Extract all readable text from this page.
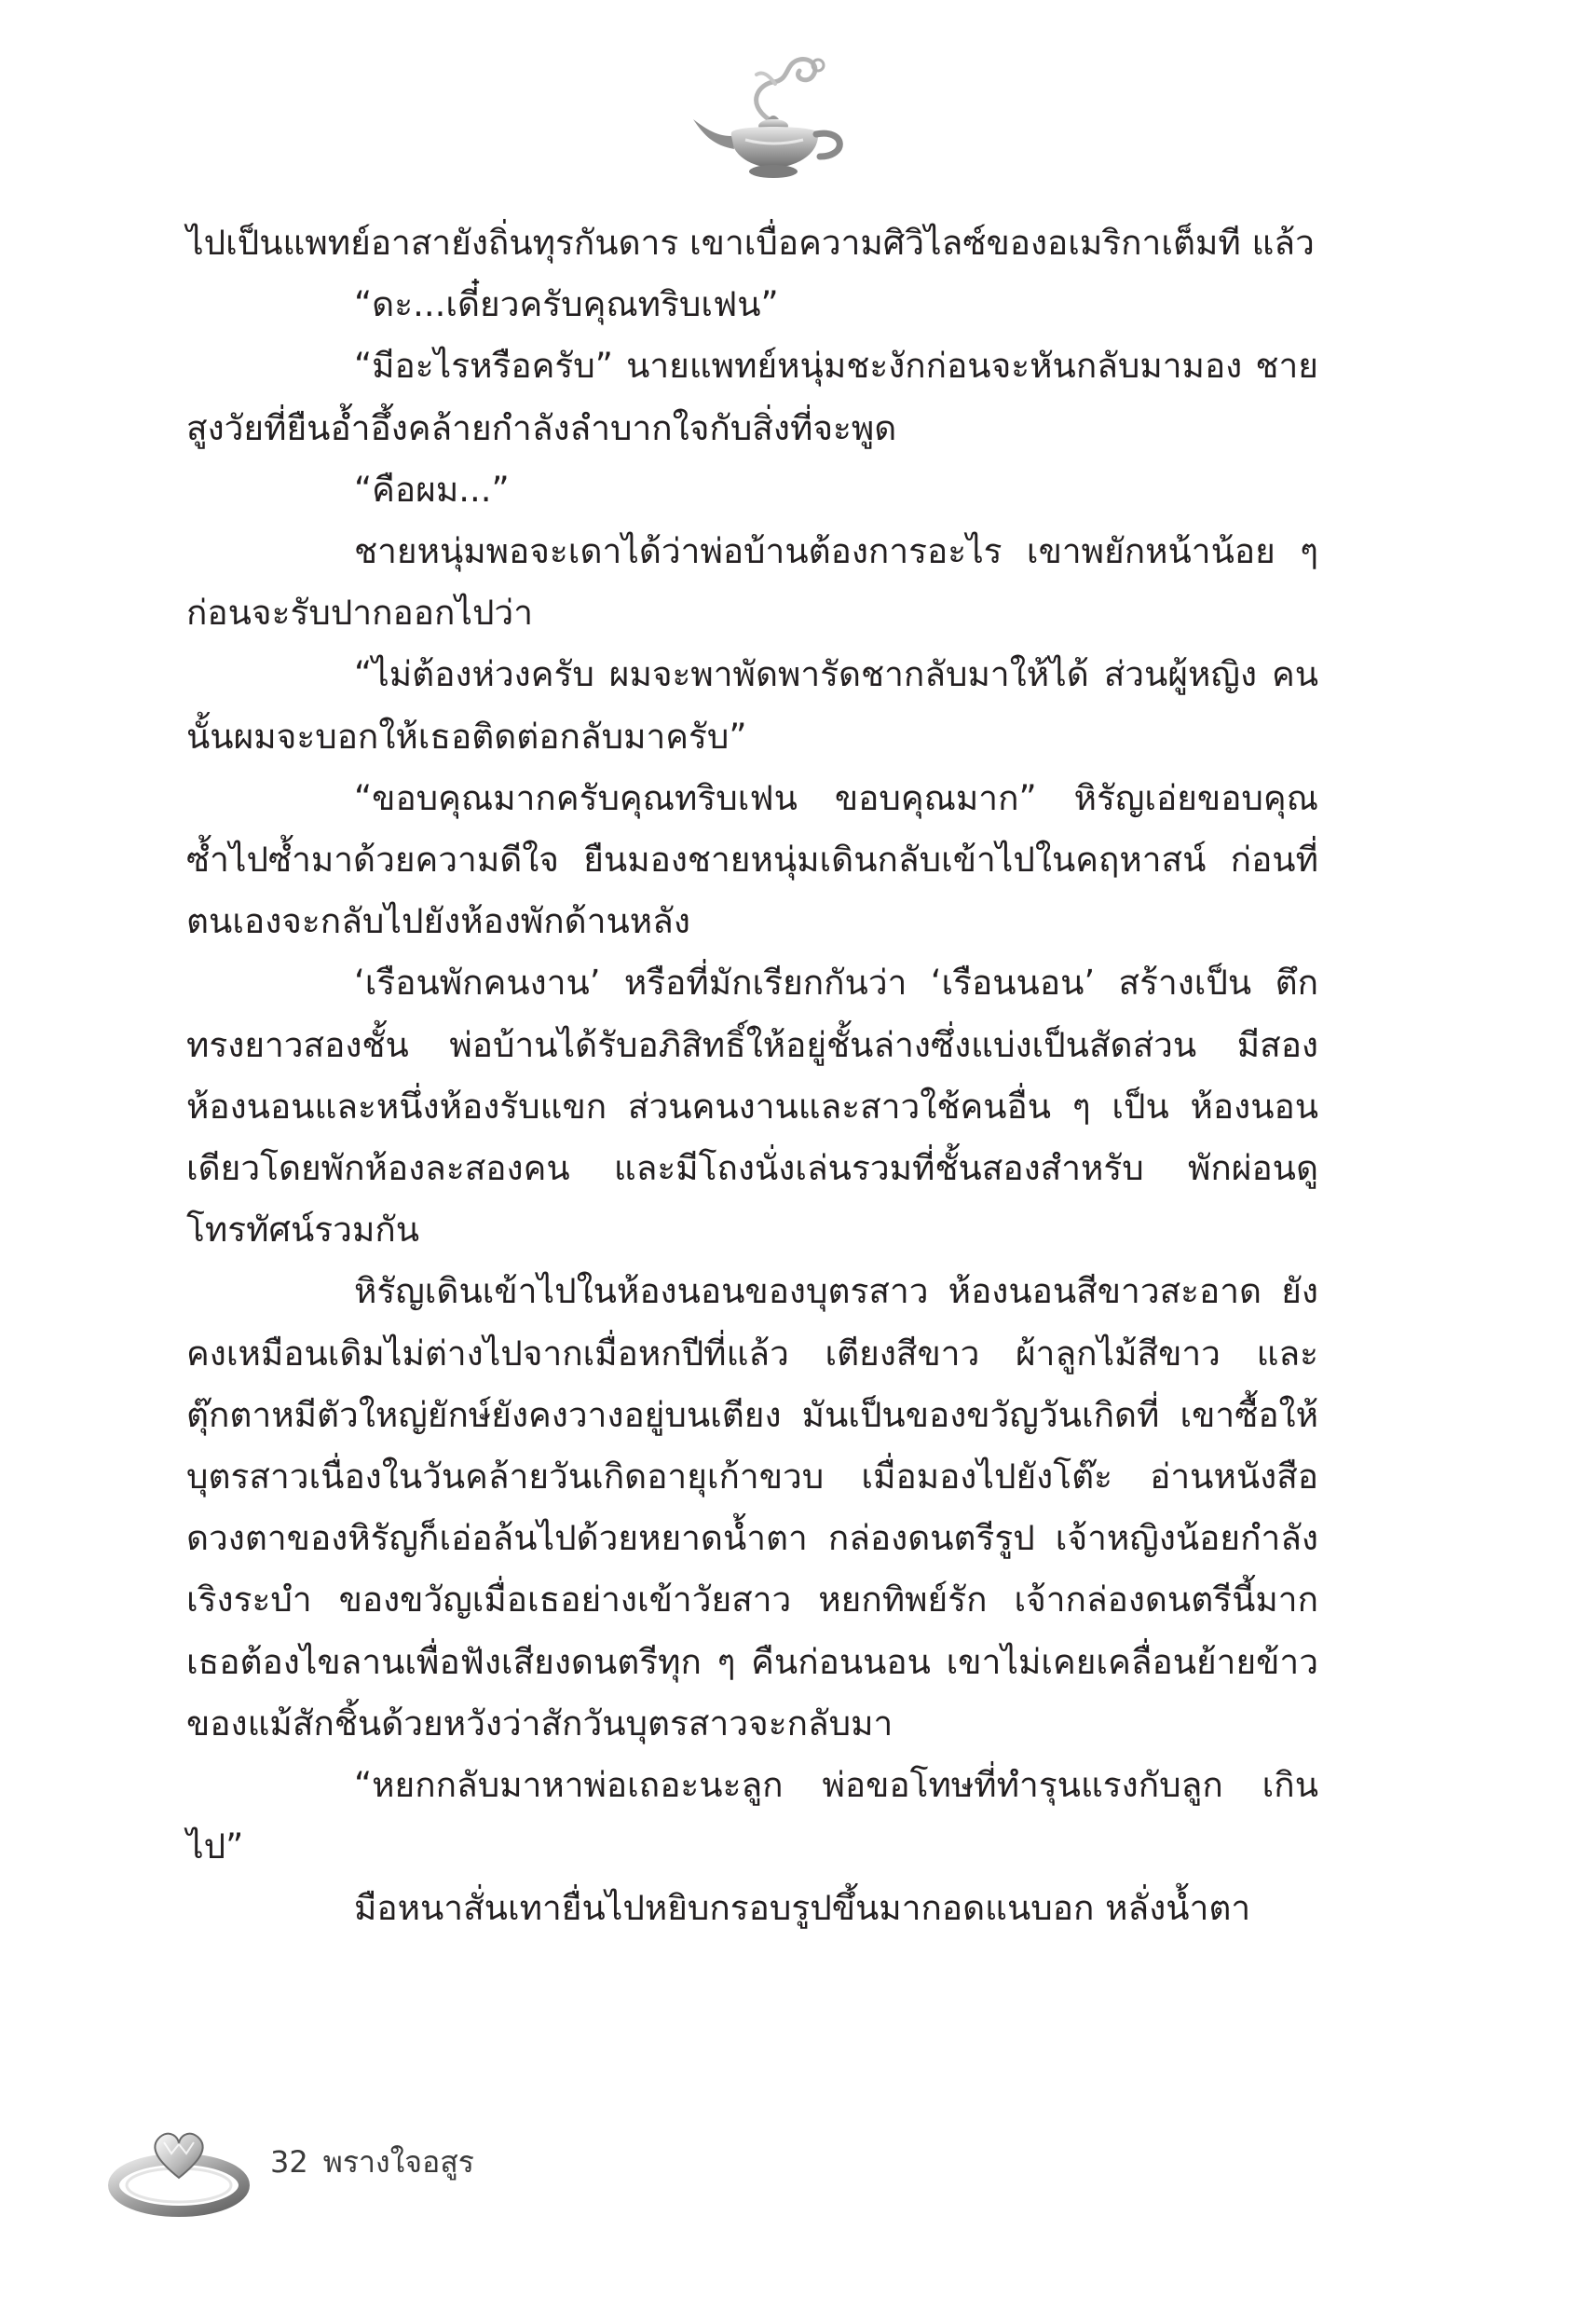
ไปเป็นแพทย์อาสายังถิ่นทุรกันดาร เขาเบื่อความศิวิไลซ์ของอเมริกาเต็มที แล้ว

“ดะ...เดี๋ยวครับคุณทริบเฟน”

“มีอะไรหรือครับ” นายแพทย์หนุ่มชะงักก่อนจะหันกลับมามอง ชายสูงวัยที่ยืนอ้ำอึ้งคล้ายกำลังลำบากใจกับสิ่งที่จะพูด

“คือผม...”

ชายหนุ่มพอจะเดาได้ว่าพ่อบ้านต้องการอะไร เขาพยักหน้าน้อย ๆ ก่อนจะรับปากออกไปว่า

“ไม่ต้องห่วงครับ ผมจะพาพัดพารัดชากลับมาให้ได้ ส่วนผู้หญิง คนนั้นผมจะบอกให้เธอติดต่อกลับมาครับ”

“ขอบคุณมากครับคุณทริบเฟน ขอบคุณมาก” หิรัญเอ่ยขอบคุณ ซ้ำไปซ้ำมาด้วยความดีใจ ยืนมองชายหนุ่มเดินกลับเข้าไปในคฤหาสน์ ก่อนที่ตนเองจะกลับไปยังห้องพักด้านหลัง

‘เรือนพักคนงาน’ หรือที่มักเรียกกันว่า ‘เรือนนอน’ สร้างเป็น ตึกทรงยาวสองชั้น พ่อบ้านได้รับอภิสิทธิ์ให้อยู่ชั้นล่างซึ่งแบ่งเป็นสัดส่วน มีสองห้องนอนและหนึ่งห้องรับแขก ส่วนคนงานและสาวใช้คนอื่น ๆ เป็น ห้องนอนเดียวโดยพักห้องละสองคน และมีโถงนั่งเล่นรวมที่ชั้นสองสำหรับ พักผ่อนดูโทรทัศน์รวมกัน

หิรัญเดินเข้าไปในห้องนอนของบุตรสาว ห้องนอนสีขาวสะอาด ยังคงเหมือนเดิมไม่ต่างไปจากเมื่อหกปีที่แล้ว เตียงสีขาว ผ้าลูกไม้สีขาว และตุ๊กตาหมีตัวใหญ่ยักษ์ยังคงวางอยู่บนเตียง มันเป็นของขวัญวันเกิดที่ เขาซื้อให้บุตรสาวเนื่องในวันคล้ายวันเกิดอายุเก้าขวบ เมื่อมองไปยังโต๊ะ อ่านหนังสือดวงตาของหิรัญก็เอ่อล้นไปด้วยหยาดน้ำตา กล่องดนตรีรูป เจ้าหญิงน้อยกำลังเริงระบำ ของขวัญเมื่อเธอย่างเข้าวัยสาว หยกทิพย์รัก เจ้ากล่องดนตรีนี้มาก เธอต้องไขลานเพื่อฟังเสียงดนตรีทุก ๆ คืนก่อนนอน เขาไม่เคยเคลื่อนย้ายข้าวของแม้สักชิ้นด้วยหวังว่าสักวันบุตรสาวจะกลับมา

“หยกกลับมาหาพ่อเถอะนะลูก พ่อขอโทษที่ทำรุนแรงกับลูก เกินไป”

มือหนาสั่นเทายื่นไปหยิบกรอบรูปขึ้นมากอดแนบอก หลั่งน้ำตา

32 พรางใจอสูร
